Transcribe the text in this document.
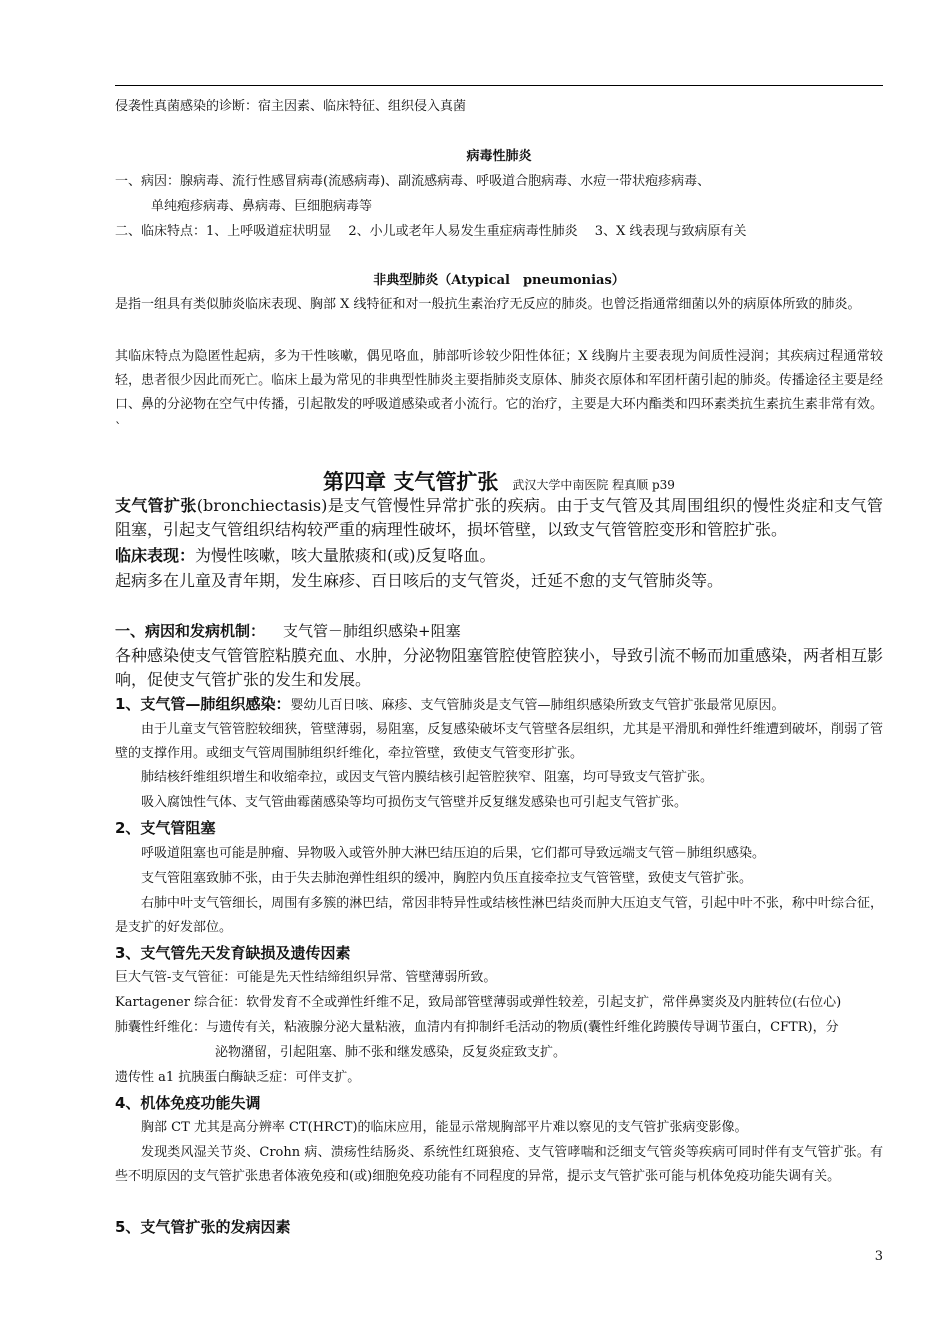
侵袭性真菌感染的诊断：宿主因素、临床特征、组织侵入真菌
病毒性肺炎
一、病因：腺病毒、流行性感冒病毒(流感病毒)、副流感病毒、呼吸道合胞病毒、水痘一带状疱疹病毒、
单纯疱疹病毒、鼻病毒、巨细胞病毒等
二、临床特点：1、上呼吸道症状明显　 2、小儿或老年人易发生重症病毒性肺炎　 3、X 线表现与致病原有关
非典型肺炎（Atypical　pneumonias）
是指一组具有类似肺炎临床表现、胸部 X 线特征和对一般抗生素治疗无反应的肺炎。也曾泛指通常细菌以外的病原体所致的肺炎。
其临床特点为隐匿性起病，多为干性咳嗽，偶见咯血，肺部听诊较少阳性体征；X 线胸片主要表现为间质性浸润；其疾病过程通常较轻，患者很少因此而死亡。临床上最为常见的非典型性肺炎主要指肺炎支原体、肺炎衣原体和军团杆菌引起的肺炎。传播途径主要是经口、鼻的分泌物在空气中传播，引起散发的呼吸道感染或者小流行。它的治疗，主要是大环内酯类和四环素类抗生素抗生素非常有效。`
第四章 支气管扩张 武汉大学中南医院 程真顺 p39
支气管扩张(bronchiectasis)是支气管慢性异常扩张的疾病。由于支气管及其周围组织的慢性炎症和支气管阻塞，引起支气管组织结构较严重的病理性破坏，损坏管壁，以致支气管管腔变形和管腔扩张。
临床表现：为慢性咳嗽，咳大量脓痰和(或)反复咯血。
起病多在儿童及青年期，发生麻疹、百日咳后的支气管炎，迁延不愈的支气管肺炎等。
一、病因和发病机制： 支气管－肺组织感染+阻塞
各种感染使支气管管腔粘膜充血、水肿，分泌物阻塞管腔使管腔狭小，导致引流不畅而加重感染，两者相互影响，促使支气管扩张的发生和发展。
1、支气管—肺组织感染：婴幼儿百日咳、麻疹、支气管肺炎是支气管—肺组织感染所致支气管扩张最常见原因。
由于儿童支气管管腔较细狭，管壁薄弱，易阻塞，反复感染破坏支气管壁各层组织，尤其是平滑肌和弹性纤维遭到破坏，削弱了管壁的支撑作用。或细支气管周围肺组织纤维化，牵拉管壁，致使支气管变形扩张。
肺结核纤维组织增生和收缩牵拉，或因支气管内膜结核引起管腔狭窄、阻塞，均可导致支气管扩张。
吸入腐蚀性气体、支气管曲霉菌感染等均可损伤支气管壁并反复继发感染也可引起支气管扩张。
2、支气管阻塞
呼吸道阻塞也可能是肿瘤、异物吸入或管外肿大淋巴结压迫的后果，它们都可导致远端支气管－肺组织感染。
支气管阻塞致肺不张，由于失去肺泡弹性组织的缓冲，胸腔内负压直接牵拉支气管管壁，致使支气管扩张。
右肺中叶支气管细长，周围有多簇的淋巴结，常因非特异性或结核性淋巴结炎而肿大压迫支气管，引起中叶不张，称中叶综合征，是支扩的好发部位。
3、支气管先天发育缺损及遗传因素
巨大气管-支气管征：可能是先天性结缔组织异常、管壁薄弱所致。
Kartagener 综合征：软骨发育不全或弹性纤维不足，致局部管壁薄弱或弹性较差，引起支扩，常伴鼻窦炎及内脏转位(右位心)
肺囊性纤维化：与遗传有关，粘液腺分泌大量粘液，血清内有抑制纤毛活动的物质(囊性纤维化跨膜传导调节蛋白，CFTR)，分
泌物潴留，引起阻塞、肺不张和继发感染，反复炎症致支扩。
遗传性 a1 抗胰蛋白酶缺乏症：可伴支扩。
4、机体免疫功能失调
胸部 CT 尤其是高分辨率 CT(HRCT)的临床应用，能显示常规胸部平片难以察见的支气管扩张病变影像。
发现类风湿关节炎、Crohn 病、溃疡性结肠炎、系统性红斑狼疮、支气管哮喘和泛细支气管炎等疾病可同时伴有支气管扩张。有些不明原因的支气管扩张患者体液免疫和(或)细胞免疫功能有不同程度的异常，提示支气管扩张可能与机体免疫功能失调有关。
5、支气管扩张的发病因素
3
